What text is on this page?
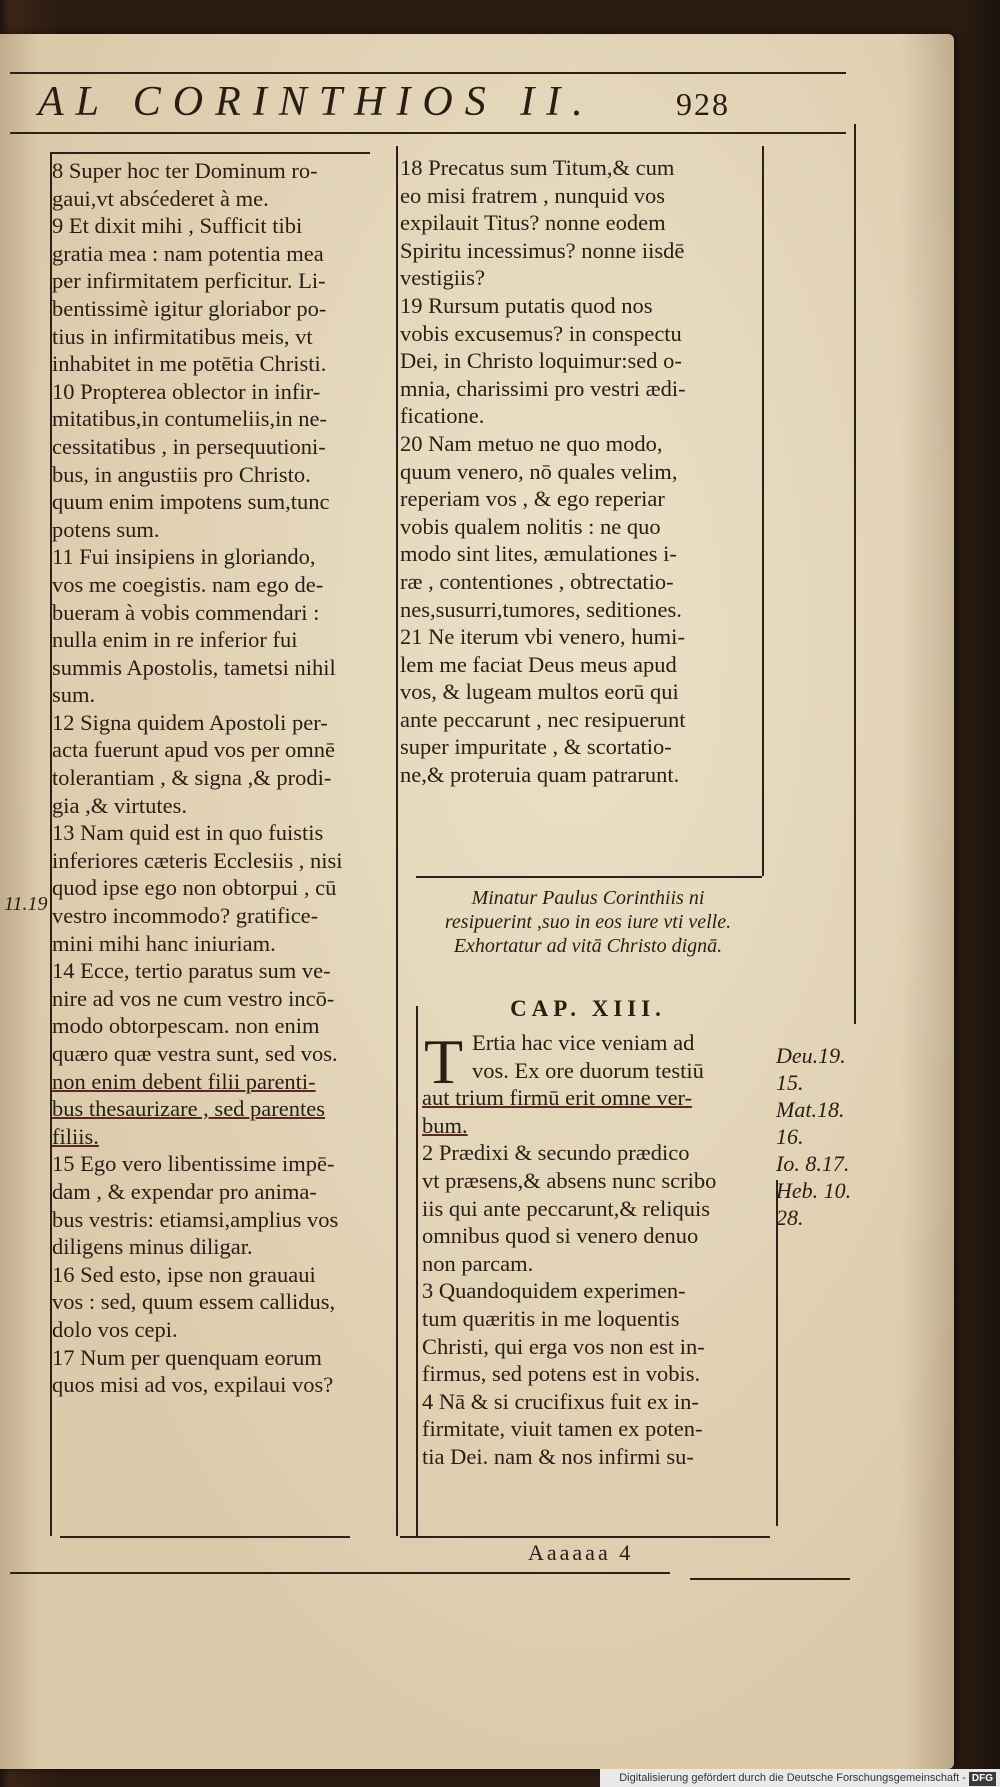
AL CORINTHIOS II.	928
8 Super hoc ter Dominum ro-
gaui,vt absćederet à me.
9 Et dixit mihi , Sufficit tibi
gratia mea : nam potentia mea
per infirmitatem perficitur. Li-
bentissimè igitur gloriabor po-
tius in infirmitatibus meis, vt
inhabitet in me potētia Christi.
10 Propterea oblector in infir-
mitatibus,in contumeliis,in ne-
cessitatibus , in persequutioni-
bus, in angustiis pro Christo.
quum enim impotens sum,tunc
potens sum.
11 Fui insipiens in gloriando,
vos me coegistis. nam ego de-
bueram à vobis commendari :
nulla enim in re inferior fui
summis Apostolis, tametsi nihil
sum.
12 Signa quidem Apostoli per-
acta fuerunt apud vos per omnē
tolerantiam , & signa ,& prodi-
gia ,& virtutes.
13 Nam quid est in quo fuistis
inferiores cæteris Ecclesiis , nisi
quod ipse ego non obtorpui , cū
vestro incommodo? gratifice-
mini mihi hanc iniuriam.
14 Ecce, tertio paratus sum ve-
nire ad vos ne cum vestro incō-
modo obtorpescam. non enim
quæro quæ vestra sunt, sed vos.
non enim debent filii parenti-
bus thesaurizare , sed parentes
filiis.
15 Ego vero libentissime impē-
dam , & expendar pro anima-
bus vestris: etiamsi,amplius vos
diligens minus diligar.
16 Sed esto, ipse non grauaui
vos : sed, quum essem callidus,
dolo vos cepi.
17 Num per quenquam eorum
quos misi ad vos, expilaui vos?
11.19
18 Precatus sum Titum,& cum
eo misi fratrem , nunquid vos
expilauit Titus? nonne eodem
Spiritu incessimus? nonne iisdē
vestigiis?
19 Rursum putatis quod nos
vobis excusemus? in conspectu
Dei, in Christo loquimur:sed o-
mnia, charissimi pro vestri ædi-
ficatione.
20 Nam metuo ne quo modo,
quum venero, nō quales velim,
reperiam vos , & ego reperiar
vobis qualem nolitis : ne quo
modo sint lites, æmulationes i-
ræ , contentiones , obtrectatio-
nes,susurri,tumores, seditiones.
21 Ne iterum vbi venero, humi-
lem me faciat Deus meus apud
vos, & lugeam multos eorū qui
ante peccarunt , nec resipuerunt
super impuritate , & scortatio-
ne,& proteruia quam patrarunt.
Minatur Paulus Corinthiis ni
resipuerint ,suo in eos iure vti velle.
Exhortatur ad vitā Christo dignā.
CAP. XIII.
T Ertia hac vice veniam ad
vos. Ex ore duorum testiū
aut trium firmū erit omne ver-
bum.
2 Prædixi & secundo prædico
vt præsens,& absens nunc scribo
iis qui ante peccarunt,& reliquis
omnibus quod si venero denuo
non parcam.
3 Quandoquidem experimen-
tum quæritis in me loquentis
Christi, qui erga vos non est in-
firmus, sed potens est in vobis.
4 Nā & si crucifixus fuit ex in-
firmitate, viuit tamen ex poten-
tia Dei. nam & nos infirmi su-
Deu.19.
15.
Mat.18.
16.
Io. 8.17.
Heb. 10.
28.
Aaaaaa 4
Digitalisierung gefördert durch die Deutsche Forschungsgemeinschaft - DFG
